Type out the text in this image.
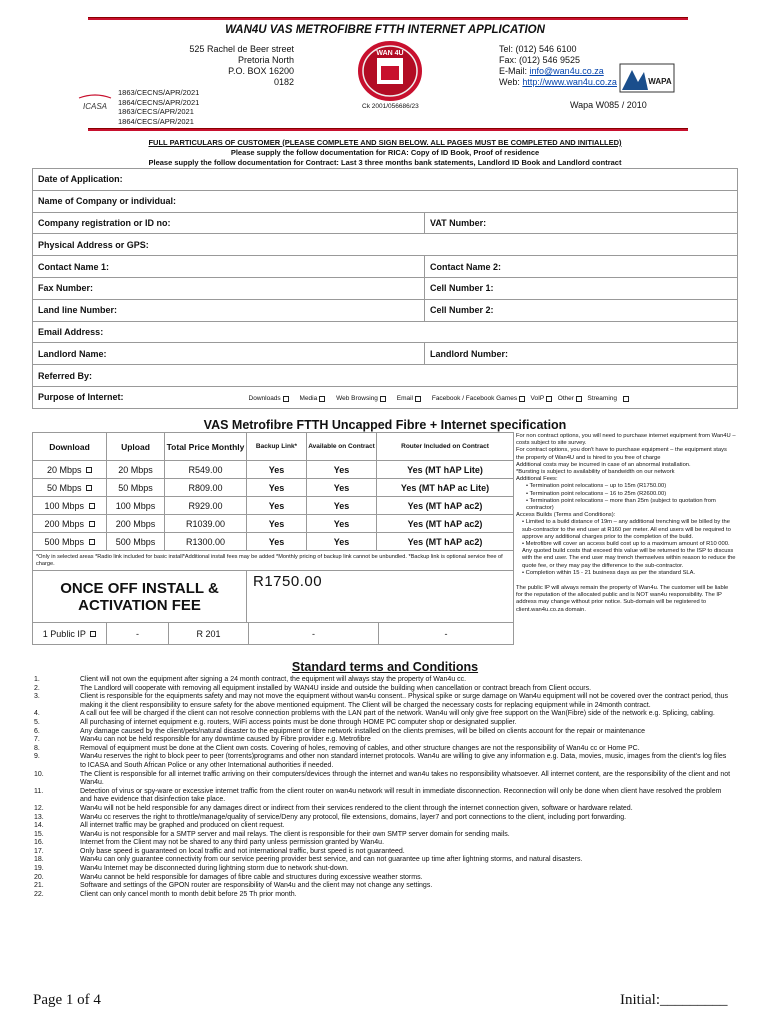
WAN4U VAS METROFIBRE FTTH INTERNET APPLICATION
525 Rachel de Beer street
Pretoria North
P.O. BOX 16200
0182
WAN 4U	Tel: (012) 546 6100
Fax: (012) 546 9525
E-Mail: info@wan4u.co.za
Web: http://www.wan4u.co.za	WAPA
ICASA
1863/CECNS/APR/2021
1864/CECNS/APR/2021
1863/CECS/APR/2021
1864/CECS/APR/2021
Ck 2001/056686/23	Wapa W085 / 2010
FULL PARTICULARS OF CUSTOMER (PLEASE COMPLETE AND SIGN BELOW. ALL PAGES MUST BE COMPLETED AND INITIALLED)
Please supply the follow documentation for RICA: Copy of ID Book, Proof of residence
Please supply the follow documentation for Contract: Last 3 three months bank statements, Landlord ID Book and Landlord contract
Date of Application:	
Name of Company or individual:	
Company registration or ID no:	VAT Number:
Physical Address or GPS:	
Contact Name 1:	Contact Name 2:
Fax Number:	Cell Number 1:
Land line Number:	Cell Number 2:
Email Address:	
Landlord Name:	Landlord Number:
Referred By:	
Purpose of Internet: Downloads Media Web Browsing Email Facebook / Facebook Games VoIP Other Streaming	
VAS Metrofibre FTTH Uncapped Fibre + Internet specification
Download	Upload	Total Price Monthly	Backup Link*	Available on Contract	Router Included on Contract
20 Mbps	20 Mbps	R549.00	Yes	Yes	Yes (MT hAP Lite)
50 Mbps	50 Mbps	R809.00	Yes	Yes	Yes (MT hAP ac Lite)
100 Mbps	100 Mbps	R929.00	Yes	Yes	Yes (MT hAP ac2)
200 Mbps	200 Mbps	R1039.00	Yes	Yes	Yes (MT hAP ac2)
500 Mbps	500 Mbps	R1300.00	Yes	Yes	Yes (MT hAP ac2)
*Only in selected areas *Radio link included for basic install*Additional install fees may be added *Monthly pricing of backup link cannot be unbundled. *Backup link is optional service free of charge.					
ONCE OFF INSTALL & ACTIVATION FEE	R1750.00
1 Public IP	-	R 201	-	-
For non contract options, you will need to purchase internet equipment from Wan4U – costs subject to site survey.
For contract options, you don't have to purchase equipment – the equipment stays the property of Wan4U and is hired to you free of charge
Additional costs may be incurred in case of an abnormal installation.
*Bursting is subject to availability of bandwidth on our network
Additional Fees:
• Termination point relocations – up to 15m (R1750.00)
• Termination point relocations – 16 to 25m (R2600.00)
• Termination point relocations – more than 25m (subject to quotation from contractor)
Access Builds (Terms and Conditions):
• Limited to a build distance of 19m – any additional trenching will be billed by the sub-contractor to the end user at R160 per meter. All end users will be required to approve any additional charges prior to the completion of the build.
• Metrofibre will cover an access build cost up to a maximum amount of R10 000. Any quoted build costs that exceed this value will be returned to the ISP to discuss with the end user. The end user may trench themselves within reason to reduce the quote fee, or they may pay the difference to the sub-contractor.
• Completion within 15 - 21 business days as per the standard SLA.
The public IP will always remain the property of Wan4u. The customer will be liable for the reputation of the allocated public and is NOT wan4u responsibility. The IP address may change without prior notice. Sub-domain will be registered to client.wan4u.co.za domain.
Standard terms and Conditions
1.	Client will not own the equipment after signing a 24 month contract, the equipment will always stay the property of Wan4u cc.
2.	The Landlord will cooperate with removing all equipment installed by WAN4U inside and outside the building when cancellation or contract breach from Client occurs.
3.	Client is responsible for the equipments safety and may not move the equipment without wan4u consent.. Physical spike or surge damage on Wan4u equipment will not be covered over the contract period, thus making it the client responsibility to ensure safety for the above mentioned equipment. The Client will be charged the necessary costs for replacing equipment while in 24month contract.
4.	A call out fee will be charged if the client can not resolve connection problems with the LAN part of the network. Wan4u will only give free support on the Wan(Fibre) side of the network e.g. Splicing, cabling.
5.	All purchasing of internet equipment e.g. routers, WiFi access points must be done through HOME PC computer shop or designated supplier.
6.	Any damage caused by the client/pets/natural disaster to the equipment or fibre network installed on the clients premises, will be billed on clients account for the repair or maintenance
7.	Wan4u can not be held responsible for any downtime caused by Fibre provider e.g. Metrofibre
8.	Removal of equipment must be done at the Client own costs. Covering of holes, removing of cables, and other structure changes are not the responsibility of Wan4u cc or Home PC.
9.	Wan4u reserves the right to block peer to peer (torrents)programs and other non standard internet protocols. Wan4u are willing to give any information e.g. Data, movies, music, images from the client's log files to ICASA and South African Police or any other International authorities if needed.
10.	The Client is responsible for all internet traffic arriving on their computers/devices through the internet and wan4u takes no responsibility whatsoever. All internet content, are the responsibility of the client and not Wan4u.
11.	Detection of virus or spy-ware or excessive internet traffic from the client router on wan4u network will result in immediate disconnection. Reconnection will only be done when client have resolved the problem and have evidence that disinfection take place.
12.	Wan4u will not be held responsible for any damages direct or indirect from their services rendered to the client through the internet connection given, software or hardware related.
13.	Wan4u cc reserves the right to throttle/manage/quality of service/Deny any protocol, file extensions, domains, layer7 and port connections to the client, including port forwarding.
14.	All internet traffic may be graphed and produced on client request.
15.	Wan4u is not responsible for a SMTP server and mail relays. The client is responsible for their own SMTP server domain for sending mails.
16.	Internet from the Client may not be shared to any third party unless permission granted by Wan4u.
17.	Only base speed is guaranteed on local traffic and not international traffic, burst speed is not guaranteed.
18.	Wan4u can only guarantee connectivity from our service peering provider best service, and can not guarantee up time after lightning storms, and natural disasters.
19.	Wan4u Internet may be disconnected during lightning storm due to network shut-down.
20.	Wan4u cannot be held responsible for damages of fibre cable and structures during excessive weather storms.
21.	Software and settings of the GPON router are responsibility of Wan4u and the client may not change any settings.
22.	Client can only cancel month to month debit before 25 Th prior month.
Page 1 of 4	Initial:_________
